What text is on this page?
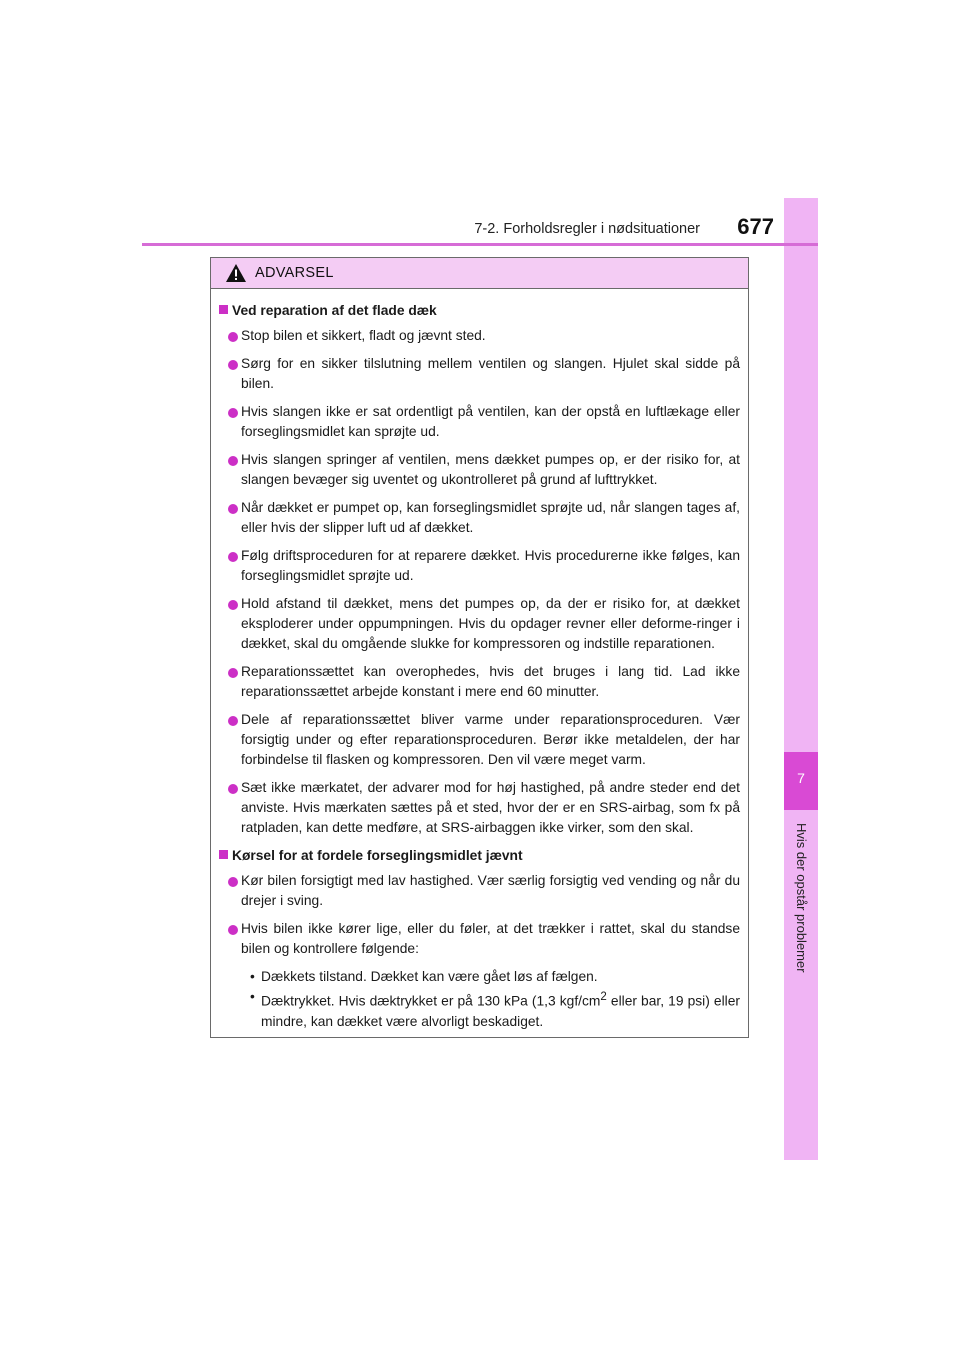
7
Hvis der opstår problemer
7-2. Forholdsregler i nødsituationer	677
ADVARSEL
Ved reparation af det flade dæk
Stop bilen et sikkert, fladt og jævnt sted.
Sørg for en sikker tilslutning mellem ventilen og slangen. Hjulet skal sidde på bilen.
Hvis slangen ikke er sat ordentligt på ventilen, kan der opstå en luftlækage eller forseglingsmidlet kan sprøjte ud.
Hvis slangen springer af ventilen, mens dækket pumpes op, er der risiko for, at slangen bevæger sig uventet og ukontrolleret på grund af lufttrykket.
Når dækket er pumpet op, kan forseglingsmidlet sprøjte ud, når slangen tages af, eller hvis der slipper luft ud af dækket.
Følg driftsproceduren for at reparere dækket. Hvis procedurerne ikke følges, kan forseglingsmidlet sprøjte ud.
Hold afstand til dækket, mens det pumpes op, da der er risiko for, at dækket eksploderer under oppumpningen. Hvis du opdager revner eller deforme-ringer i dækket, skal du omgående slukke for kompressoren og indstille reparationen.
Reparationssættet kan overophedes, hvis det bruges i lang tid. Lad ikke reparationssættet arbejde konstant i mere end 60 minutter.
Dele af reparationssættet bliver varme under reparationsproceduren. Vær forsigtig under og efter reparationsproceduren. Berør ikke metaldelen, der har forbindelse til flasken og kompressoren. Den vil være meget varm.
Sæt ikke mærkatet, der advarer mod for høj hastighed, på andre steder end det anviste. Hvis mærkaten sættes på et sted, hvor der er en SRS-airbag, som fx på ratpladen, kan dette medføre, at SRS-airbaggen ikke virker, som den skal.
Kørsel for at fordele forseglingsmidlet jævnt
Kør bilen forsigtigt med lav hastighed. Vær særlig forsigtig ved vending og når du drejer i sving.
Hvis bilen ikke kører lige, eller du føler, at det trækker i rattet, skal du standse bilen og kontrollere følgende:
• Dækkets tilstand. Dækket kan være gået løs af fælgen.
• Dæktrykket. Hvis dæktrykket er på 130 kPa (1,3 kgf/$cm^2$ eller bar, 19 psi) eller mindre, kan dækket være alvorligt beskadiget.
